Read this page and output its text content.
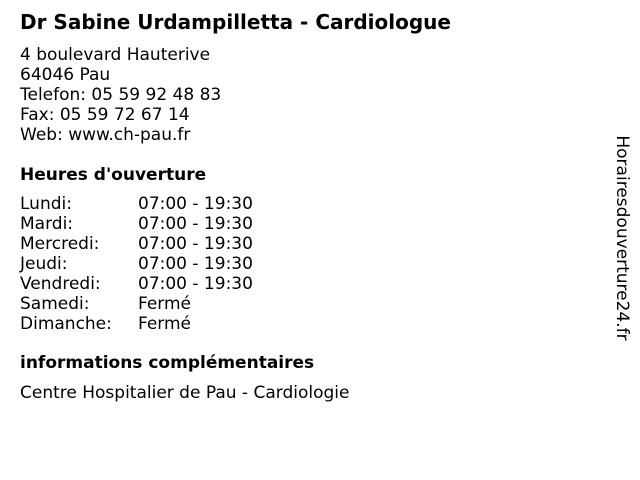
Dr Sabine Urdampilletta - Cardiologue
4 boulevard Hauterive
64046 Pau
Telefon: 05 59 92 48 83
Fax: 05 59 72 67 14
Web: www.ch-pau.fr
Heures d'ouverture
Lundi:	07:00 - 19:30
Mardi:	07:00 - 19:30
Mercredi:	07:00 - 19:30
Jeudi:	07:00 - 19:30
Vendredi:	07:00 - 19:30
Samedi:	Fermé
Dimanche:	Fermé
informations complémentaires
Centre Hospitalier de Pau - Cardiologie
Horairesdouverture24.fr
